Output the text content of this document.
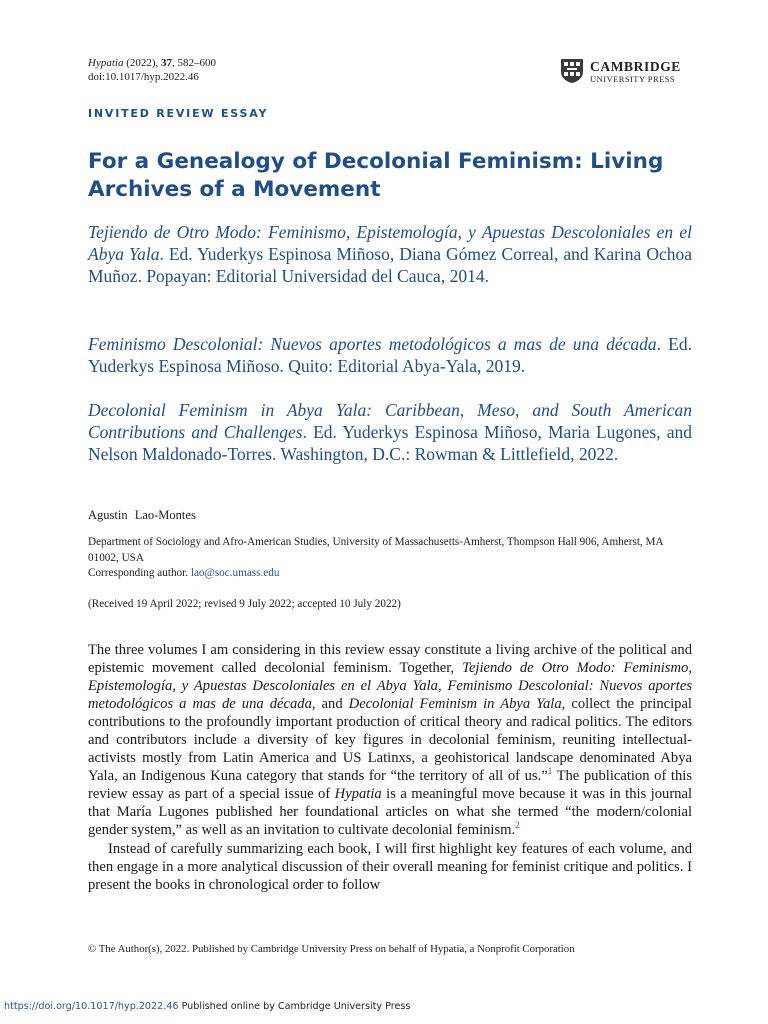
Hypatia (2022), 37, 582–600
doi:10.1017/hyp.2022.46
CAMBRIDGE
UNIVERSITY PRESS
INVITED REVIEW ESSAY
For a Genealogy of Decolonial Feminism: Living Archives of a Movement
Tejiendo de Otro Modo: Feminismo, Epistemología, y Apuestas Descoloniales en el Abya Yala. Ed. Yuderkys Espinosa Miñoso, Diana Gómez Correal, and Karina Ochoa Muñoz. Popayan: Editorial Universidad del Cauca, 2014.
Feminismo Descolonial: Nuevos aportes metodológicos a mas de una década. Ed. Yuderkys Espinosa Miñoso. Quito: Editorial Abya-Yala, 2019.
Decolonial Feminism in Abya Yala: Caribbean, Meso, and South American Contributions and Challenges. Ed. Yuderkys Espinosa Miñoso, Maria Lugones, and Nelson Maldonado-Torres. Washington, D.C.: Rowman & Littlefield, 2022.
Agustin Lao-Montes
Department of Sociology and Afro-American Studies, University of Massachusetts-Amherst, Thompson Hall 906, Amherst, MA 01002, USA
Corresponding author. lao@soc.umass.edu
(Received 19 April 2022; revised 9 July 2022; accepted 10 July 2022)

The three volumes I am considering in this review essay constitute a living archive of the political and epistemic movement called decolonial feminism. Together, Tejiendo de Otro Modo: Feminismo, Epistemología, y Apuestas Descoloniales en el Abya Yala, Feminismo Descolonial: Nuevos aportes metodológicos a mas de una década, and Decolonial Feminism in Abya Yala, collect the principal contributions to the profoundly important production of critical theory and radical politics. The editors and contributors include a diversity of key figures in decolonial feminism, reuniting intellectual-activists mostly from Latin America and US Latinxs, a geohistorical landscape denominated Abya Yala, an Indigenous Kuna category that stands for “the territory of all of us.”$^1$ The publication of this review essay as part of a special issue of Hypatia is a meaningful move because it was in this journal that María Lugones published her foundational articles on what she termed “the modern/colonial gender system,” as well as an invitation to cultivate decolonial feminism.$^2$

Instead of carefully summarizing each book, I will first highlight key features of each volume, and then engage in a more analytical discussion of their overall meaning for feminist critique and politics. I present the books in chronological order to follow

© The Author(s), 2022. Published by Cambridge University Press on behalf of Hypatia, a Nonprofit Corporation
https://doi.org/10.1017/hyp.2022.46 Published online by Cambridge University Press
